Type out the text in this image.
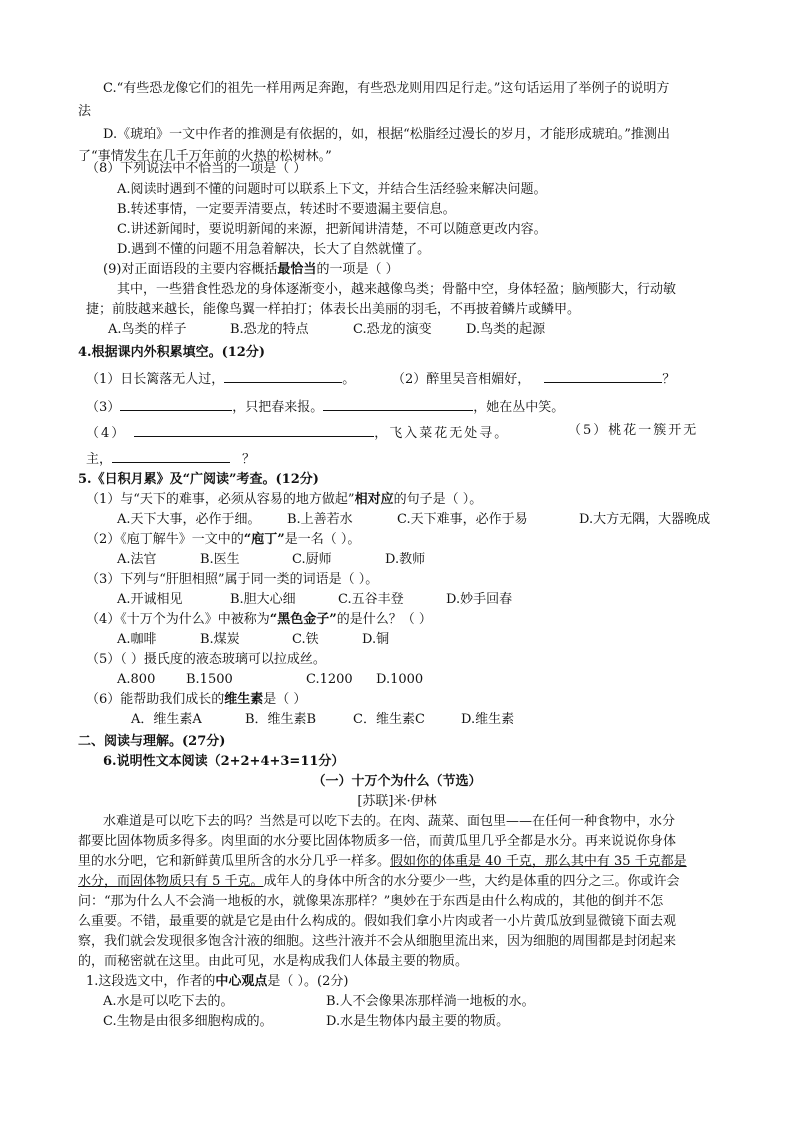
C.“有些恐龙像它们的祖先一样用两足奔跑，有些恐龙则用四足行走。”这句话运用了举例子的说明方
法
D.《琥珀》一文中作者的推测是有依据的，如，根据“松脂经过漫长的岁月，才能形成琥珀。”推测出
了“事情发生在几千万年前的火热的松树林。”
（8）下列说法中不恰当的一项是（ ）
A.阅读时遇到不懂的问题时可以联系上下文，并结合生活经验来解决问题。
B.转述事情，一定要弄清要点，转述时不要遗漏主要信息。
C.讲述新闻时，要说明新闻的来源，把新闻讲清楚，不可以随意更改内容。
D.遇到不懂的问题不用急着解决，长大了自然就懂了。
(9)对正面语段的主要内容概括最恰当的一项是（ ）
其中，一些猎食性恐龙的身体逐渐变小，越来越像鸟类；骨骼中空，身体轻盈；脑颅膨大，行动敏
捷；前肢越来越长，能像鸟翼一样拍打；体表长出美丽的羽毛，不再披着鳞片或鳞甲。
A.鸟类的样子	B.恐龙的特点	C.恐龙的演变	D.鸟类的起源
4.根据课内外积累填空。(12分)
（1）日长篱落无人过，	。	（2）醉里吴音相媚好，	？
（3）	，只把春来报。	，她在丛中笑。
（4）	，飞入菜花无处寻。	（5）桃花一簇开无
主，	？
5.《日积月累》及“广阅读”考查。(12分)
（1）与“天下的难事，必须从容易的地方做起”相对应的句子是（ ）。
A.天下大事，必作于细。 B.上善若水	C.天下难事，必作于易	D.大方无隅，大器晚成
（2）《庖丁解牛》一文中的“庖丁”是一名（ ）。
A.法官	B.医生	C.厨师	D.教师
（3）下列与“肝胆相照”属于同一类的词语是（ ）。
A.开诚相见	B.胆大心细	C.五谷丰登	D.妙手回春
（4）《十万个为什么》中被称为“黑色金子”的是什么？（ ）
A.咖啡	B.煤炭	C.铁	D.铜
（5）（ ）摄氏度的液态玻璃可以拉成丝。
A.800 B.1500	C.1200 D.1000
（6）能帮助我们成长的维生素是（ ）
A．维生素A	B．维生素B	C．维生素C	D.维生素
二、阅读与理解。(27分)
6.说明性文本阅读（2+2+4+3=11分）
（一）十万个为什么（节选）
[苏联]米·伊林
水难道是可以吃下去的吗？当然是可以吃下去的。在肉、蔬菜、面包里——在任何一种食物中，水分
都要比固体物质多得多。肉里面的水分要比固体物质多一倍，而黄瓜里几乎全都是水分。再来说说你身体
里的水分吧，它和新鲜黄瓜里所含的水分几乎一样多。假如你的体重是 40 千克，那么其中有 35 千克都是
水分，而固体物质只有 5 千克。成年人的身体中所含的水分要少一些，大约是体重的四分之三。你或许会
问：“那为什么人不会淌一地板的水，就像果冻那样？”奥妙在于东西是由什么构成的，其他的倒并不怎
么重要。不错，最重要的就是它是由什么构成的。假如我们拿小片肉或者一小片黄瓜放到显微镜下面去观
察，我们就会发现很多饱含汁液的细胞。这些汁液并不会从细胞里流出来，因为细胞的周围都是封闭起来
的，而秘密就在这里。由此可见，水是构成我们人体最主要的物质。
1.这段选文中，作者的中心观点是（ ）。(2分)
A.水是可以吃下去的。	B.人不会像果冻那样淌一地板的水。
C.生物是由很多细胞构成的。	D.水是生物体内最主要的物质。
